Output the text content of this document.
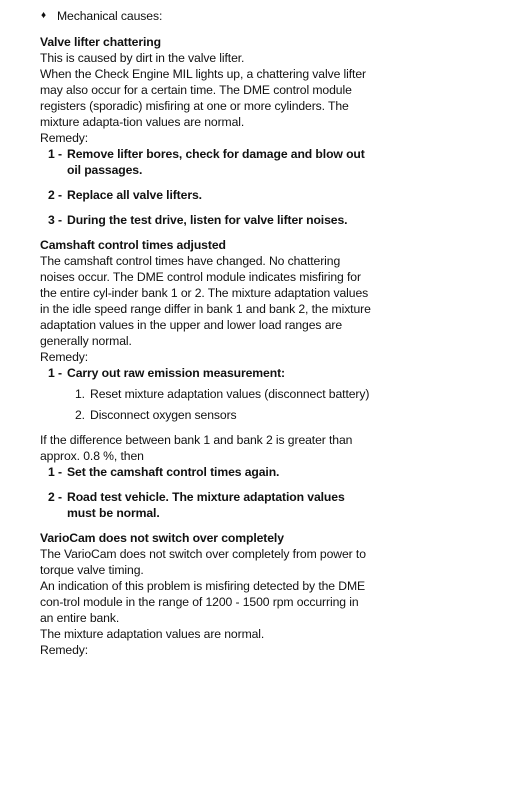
♦ Mechanical causes:

Valve lifter chattering

This is caused by dirt in the valve lifter.

When the Check Engine MIL lights up, a chattering valve lifter may also occur for a certain time. The DME control module registers (sporadic) misfiring at one or more cylinders. The mixture adapta-tion values are normal.

Remedy:

1 - Remove lifter bores, check for damage and blow out oil passages.
2 - Replace all valve lifters.
3 - During the test drive, listen for valve lifter noises.

Camshaft control times adjusted

The camshaft control times have changed. No chattering noises occur. The DME control module indicates misfiring for the entire cyl-inder bank 1 or 2. The mixture adaptation values in the idle speed range differ in bank 1 and bank 2, the mixture adaptation values in the upper and lower load ranges are generally normal.

Remedy:

1 - Carry out raw emission measurement:
1. Reset mixture adaptation values (disconnect battery)
2. Disconnect oxygen sensors

If the difference between bank 1 and bank 2 is greater than approx. 0.8 %, then

1 - Set the camshaft control times again.
2 - Road test vehicle. The mixture adaptation values must be normal.

VarioCam does not switch over completely

The VarioCam does not switch over completely from power to torque valve timing.

An indication of this problem is misfiring detected by the DME con-trol module in the range of 1200 - 1500 rpm occurring in an entire bank.

The mixture adaptation values are normal.

Remedy:
